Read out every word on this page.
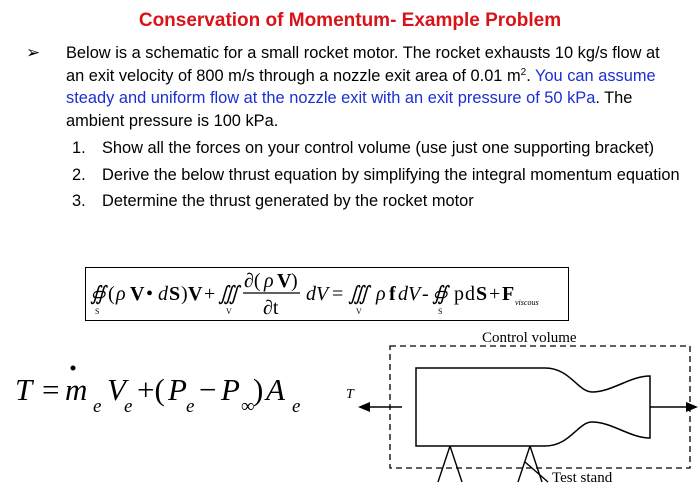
Conservation of Momentum- Example Problem
➢ Below is a schematic for a small rocket motor. The rocket exhausts 10 kg/s flow at an exit velocity of 800 m/s through a nozzle exit area of 0.01 $m^2$. You can assume steady and uniform flow at the nozzle exit with an exit pressure of 50 kPa. The ambient pressure is 100 kPa.
1. Show all the forces on your control volume (use just one supporting bracket)
2. Derive the below thrust equation by simplifying the integral momentum equation
3. Determine the thrust generated by the rocket motor
∯ ( ρ V • d S ) V + ∭
∂( ρ V )
∂t
dV = ∭ ρ f dV - ∯ p d S + F
S	V	V	S
viscous
T = m V +( P − P ) A
e e	e ∞ e
Control volume
T
Test stand
